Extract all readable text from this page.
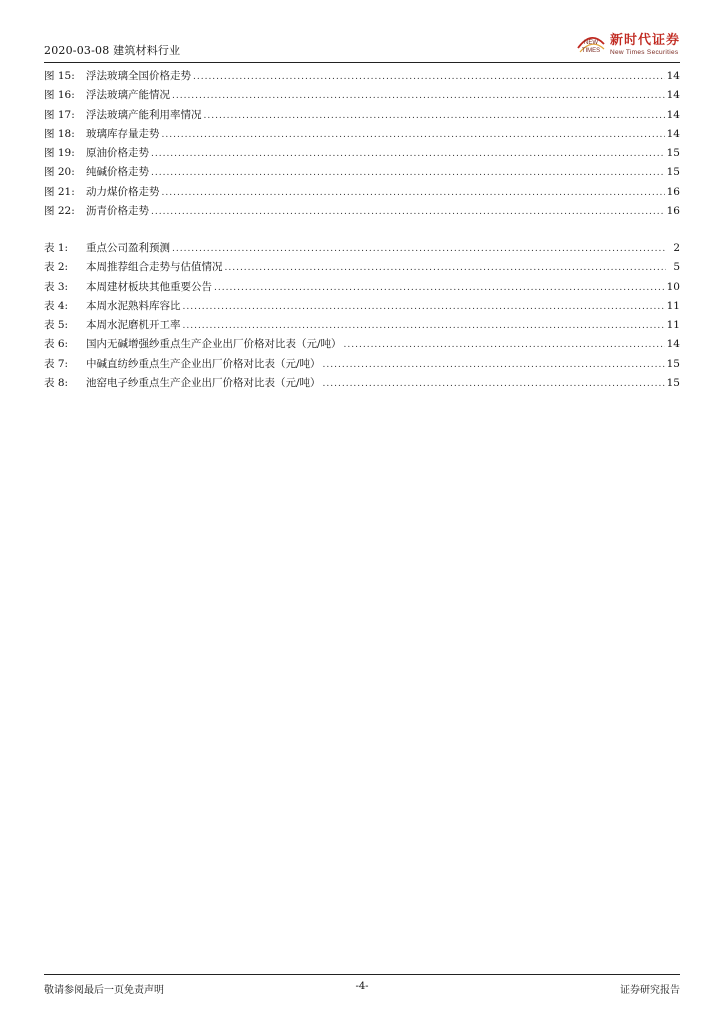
2020-03-08 建筑材料行业
NEW
TIMES
新时代证券
New Times Securities
图 15:	浮法玻璃全国价格走势 .....	14
图 16:	浮法玻璃产能情况 .....	14
图 17:	浮法玻璃产能利用率情况 .....	14
图 18:	玻璃库存量走势 .....	14
图 19:	原油价格走势 .....	15
图 20:	纯碱价格走势 .....	15
图 21:	动力煤价格走势 .....	16
图 22:	沥青价格走势 .....	16
表 1:	重点公司盈利预测 .....	2
表 2:	本周推荐组合走势与估值情况 .....	5
表 3:	本周建材板块其他重要公告 .....	10
表 4:	本周水泥熟料库容比 .....	11
表 5:	本周水泥磨机开工率 .....	11
表 6:	国内无碱增强纱重点生产企业出厂价格对比表（元/吨） .....	14
表 7:	中碱直纺纱重点生产企业出厂价格对比表（元/吨） .....	15
表 8:	池窑电子纱重点生产企业出厂价格对比表（元/吨） .....	15
敬请参阅最后一页免责声明	-4-	证券研究报告
